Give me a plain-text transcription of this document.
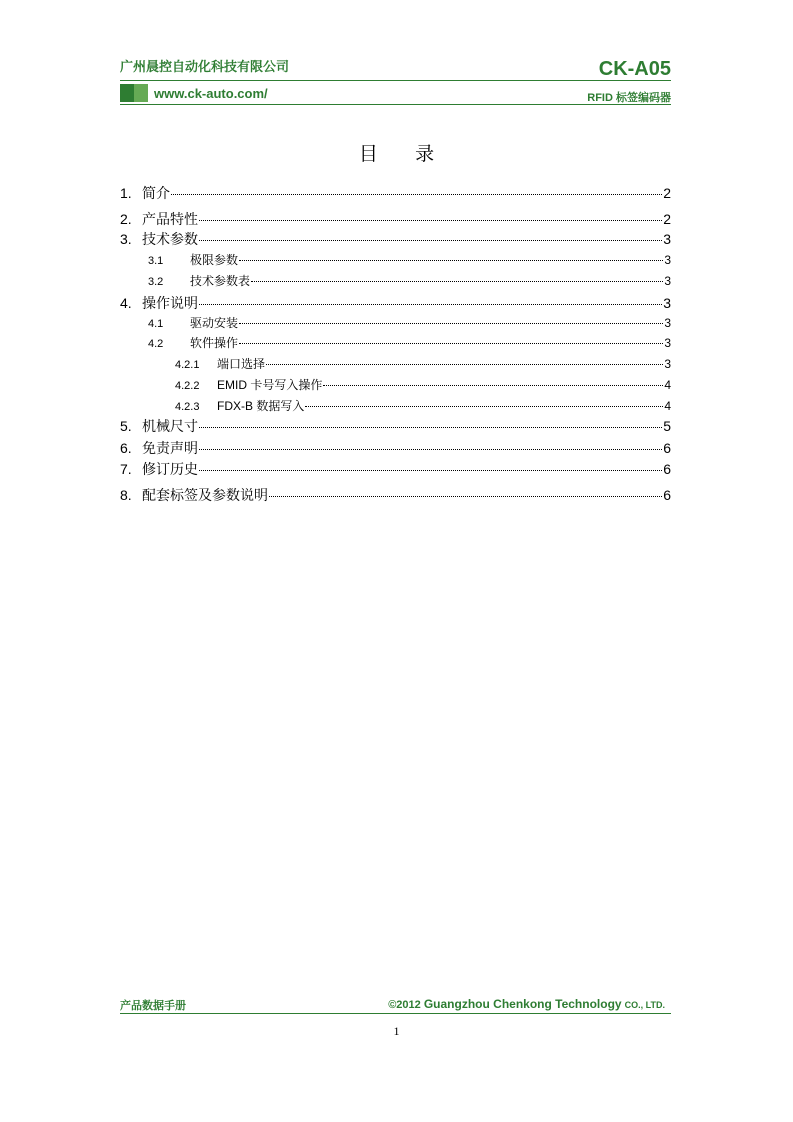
广州晨控自动化科技有限公司	CK-A05
www.ck-auto.com/	RFID 标签编码器
目 录
1. 简介	2
2. 产品特性	2
3. 技术参数	3
3.1	极限参数	3
3.2	技术参数表	3
4. 操作说明	3
4.1	驱动安装	3
4.2	软件操作	3
4.2.1	端口选择	3
4.2.2	EMID 卡号写入操作	4
4.2.3	FDX-B 数据写入	4
5. 机械尺寸	5
6. 免责声明	6
7. 修订历史	6
8. 配套标签及参数说明	6
产品数据手册	©2012 Guangzhou Chenkong Technology CO., LTD.
1
